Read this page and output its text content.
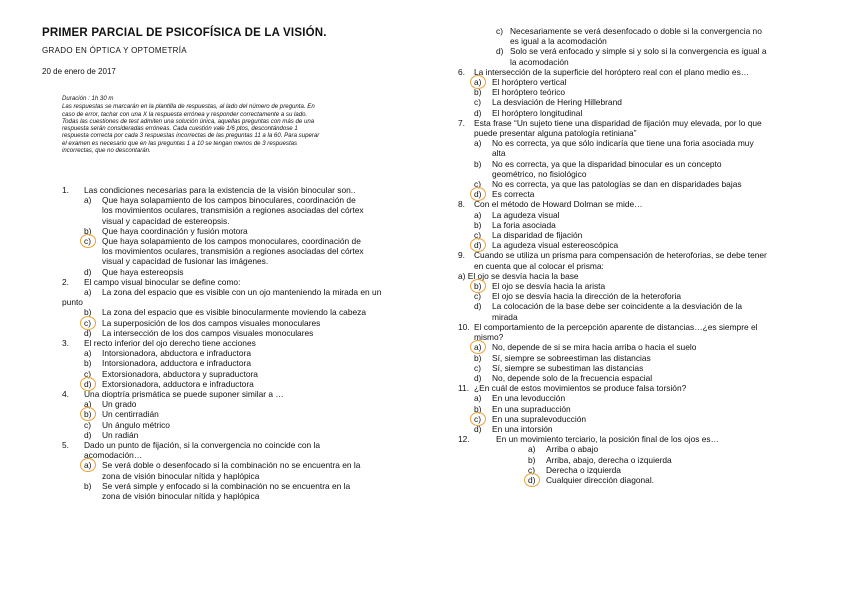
PRIMER PARCIAL DE PSICOFÍSICA DE LA VISIÓN.
GRADO EN ÓPTICA Y OPTOMETRÍA
20 de enero de 2017
Duración : 1h 30 m
Las respuestas se marcarán en la plantilla de respuestas, al lado del número de pregunta. En
caso de error, tachar con una X la respuesta errónea y responder correctamente a su lado.
Todas las cuestiones de test admiten una solución única, aquellas preguntas con más de una
respuesta serán consideradas erróneas. Cada cuestión vale 1/6 ptos, descontándose 1
respuesta correcta por cada 3 respuestas incorrectas de las preguntas 11 a la 60. Para superar
el examen es necesario que en las preguntas 1 a 10 se tengan menos de 3 respuestas
incorrectas, que no descontarán.
1.	Las condiciones necesarias para la existencia de la visión binocular son..
a)	Que haya solapamiento de los campos binoculares, coordinación de
los movimientos oculares, transmisión a regiones asociadas del córtex
visual y capacidad de estereopsis.
b)	Que haya coordinación y fusión motora
c)	Que haya solapamiento de los campos monoculares, coordinación de
los movimientos oculares, transmisión a regiones asociadas del córtex
visual y capacidad de fusionar las imágenes.
d)	Que haya estereopsis
2.	El campo visual binocular se define como:
a)	La zona del espacio que es visible con un ojo manteniendo la mirada en un
punto
b)	La zona del espacio que es visible binocularmente moviendo la cabeza
c)	La superposición de los dos campos visuales monoculares
d)	La intersección de los dos campos visuales monoculares
3.	El recto inferior del ojo derecho tiene acciones
a)	Intorsionadora, abductora e infraductora
b)	Intorsionadora, adductora e infraductora
c)	Extorsionadora, abductora y supraductora
d)	Extorsionadora, adductora e infraductora
4.	Una dioptría prismática se puede suponer similar a …
a)	Un grado
b)	Un centirradián
c)	Un ángulo métrico
d)	Un radián
5.	Dado un punto de fijación, si la convergencia no coincide con la
acomodación…
a)	Se verá doble o desenfocado si la combinación no se encuentra en la
zona de visión binocular nítida y haplópica
b)	Se verá simple y enfocado si la combinación no se encuentra en la
zona de visión binocular nítida y haplópica
c) Necesariamente se verá desenfocado o doble si la convergencia no
es igual a la acomodación
d) Solo se verá enfocado y simple si y solo si la convergencia es igual a
la acomodación
6.	La intersección de la superficie del horóptero real con el plano medio es…
a)	El horóptero vertical
b)	El horóptero teórico
c)	La desviación de Hering Hillebrand
d)	El horóptero longitudinal
7.	Esta frase “Un sujeto tiene una disparidad de fijación muy elevada, por lo que
puede presentar alguna patología retiniana”
a)	No es correcta, ya que sólo indicaría que tiene una foria asociada muy
alta
b)	No es correcta, ya que la disparidad binocular es un concepto
geométrico, no fisiológico
c)	No es correcta, ya que las patologías se dan en disparidades bajas
d)	Es correcta
8.	Con el método de Howard Dolman se mide…
a)	La agudeza visual
b)	La foria asociada
c)	La disparidad de fijación
d)	La agudeza visual estereoscópica
9.	Cuando se utiliza un prisma para compensación de heteroforias, se debe tener
en cuenta que al colocar el prisma:
a) El ojo se desvía hacia la base
b)	El ojo se desvía hacia la arista
c)	El ojo se desvía hacia la dirección de la heteroforia
d)	La colocación de la base debe ser coincidente a la desviación de la
mirada
10. El comportamiento de la percepción aparente de distancias…¿es siempre el
mismo?
a)	No, depende de si se mira hacia arriba o hacia el suelo
b)	Sí, siempre se sobreestiman las distancias
c)	Sí, siempre se subestiman las distancias
d)	No, depende solo de la frecuencia espacial
11. ¿En cuál de estos movimientos se produce falsa torsión?
a)	En una levoducción
b)	En una supraducción
c)	En una supralevoducción
d)	En una intorsión
12.	En un movimiento terciario, la posición final de los ojos es…
a)	Arriba o abajo
b)	Arriba, abajo, derecha o izquierda
c)	Derecha o izquierda
d)	Cualquier dirección diagonal.
